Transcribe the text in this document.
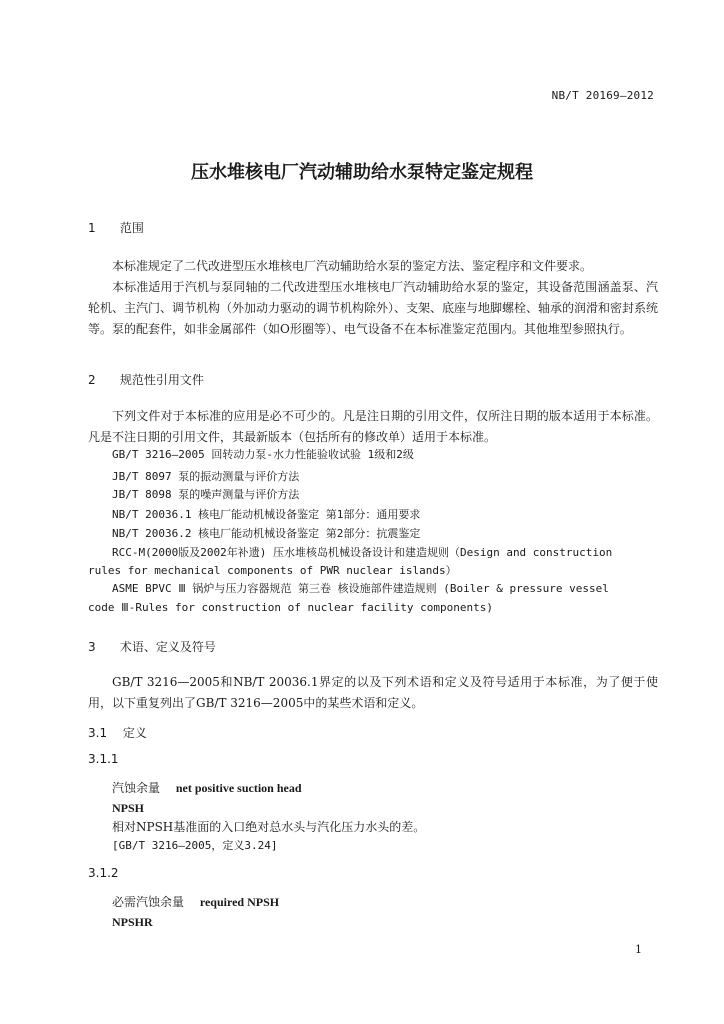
NB/T 20169—2012
压水堆核电厂汽动辅助给水泵特定鉴定规程
1 范围
本标准规定了二代改进型压水堆核电厂汽动辅助给水泵的鉴定方法、鉴定程序和文件要求。
本标准适用于汽机与泵同轴的二代改进型压水堆核电厂汽动辅助给水泵的鉴定，其设备范围涵盖泵、汽轮机、主汽门、调节机构（外加动力驱动的调节机构除外）、支架、底座与地脚螺栓、轴承的润滑和密封系统等。泵的配套件，如非金属部件（如O形圈等）、电气设备不在本标准鉴定范围内。其他堆型参照执行。
2 规范性引用文件
下列文件对于本标准的应用是必不可少的。凡是注日期的引用文件，仅所注日期的版本适用于本标准。凡是不注日期的引用文件，其最新版本（包括所有的修改单）适用于本标准。
GB/T 3216—2005 回转动力泵-水力性能验收试验 1级和2级
JB/T 8097 泵的振动测量与评价方法
JB/T 8098 泵的噪声测量与评价方法
NB/T 20036.1 核电厂能动机械设备鉴定 第1部分：通用要求
NB/T 20036.2 核电厂能动机械设备鉴定 第2部分：抗震鉴定
RCC-M(2000版及2002年补遗) 压水堆核岛机械设备设计和建造规则（Design and construction
rules for mechanical components of PWR nuclear islands）
ASME BPVC Ⅲ 锅炉与压力容器规范 第三卷 核设施部件建造规则 (Boiler & pressure vessel
code Ⅲ-Rules for construction of nuclear facility components)
3 术语、定义及符号
GB/T 3216—2005和NB/T 20036.1界定的以及下列术语和定义及符号适用于本标准，为了便于使用，以下重复列出了GB/T 3216—2005中的某些术语和定义。
3.1 定义
3.1.1
汽蚀余量 net positive suction head
NPSH
相对NPSH基准面的入口绝对总水头与汽化压力水头的差。
[GB/T 3216—2005，定义3.24]
3.1.2
必需汽蚀余量 required NPSH
NPSHR
1
